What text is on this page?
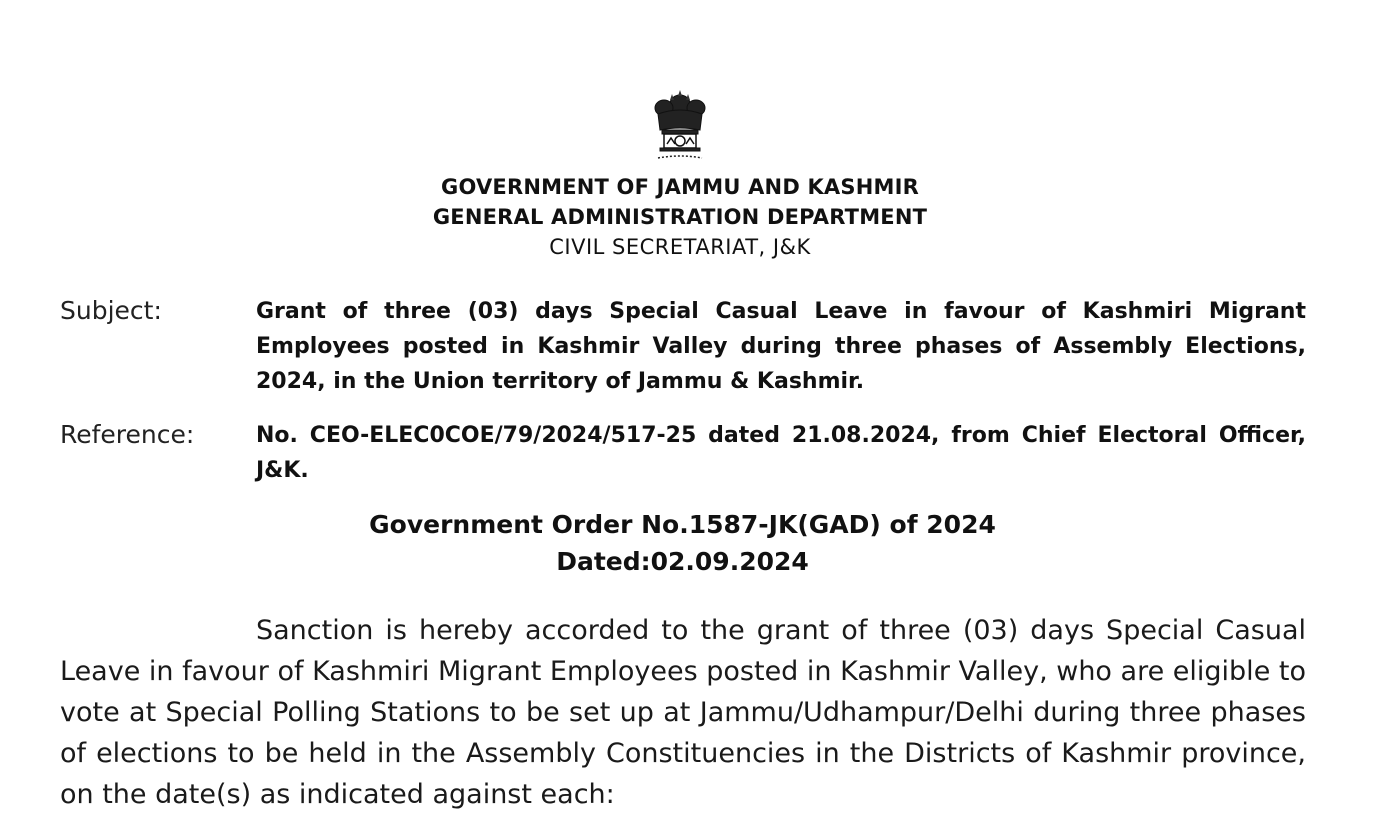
GOVERNMENT OF JAMMU AND KASHMIR
GENERAL ADMINISTRATION DEPARTMENT
CIVIL SECRETARIAT, J&K
Subject:	Grant of three (03) days Special Casual Leave in favour of Kashmiri Migrant Employees posted in Kashmir Valley during three phases of Assembly Elections, 2024, in the Union territory of Jammu & Kashmir.
Reference:	No. CEO-ELEC0COE/79/2024/517-25 dated 21.08.2024, from Chief Electoral Officer, J&K.
Government Order No.1587-JK(GAD) of 2024
Dated:02.09.2024
Sanction is hereby accorded to the grant of three (03) days Special Casual Leave in favour of Kashmiri Migrant Employees posted in Kashmir Valley, who are eligible to vote at Special Polling Stations to be set up at Jammu/Udhampur/Delhi during three phases of elections to be held in the Assembly Constituencies in the Districts of Kashmir province, on the date(s) as indicated against each:
